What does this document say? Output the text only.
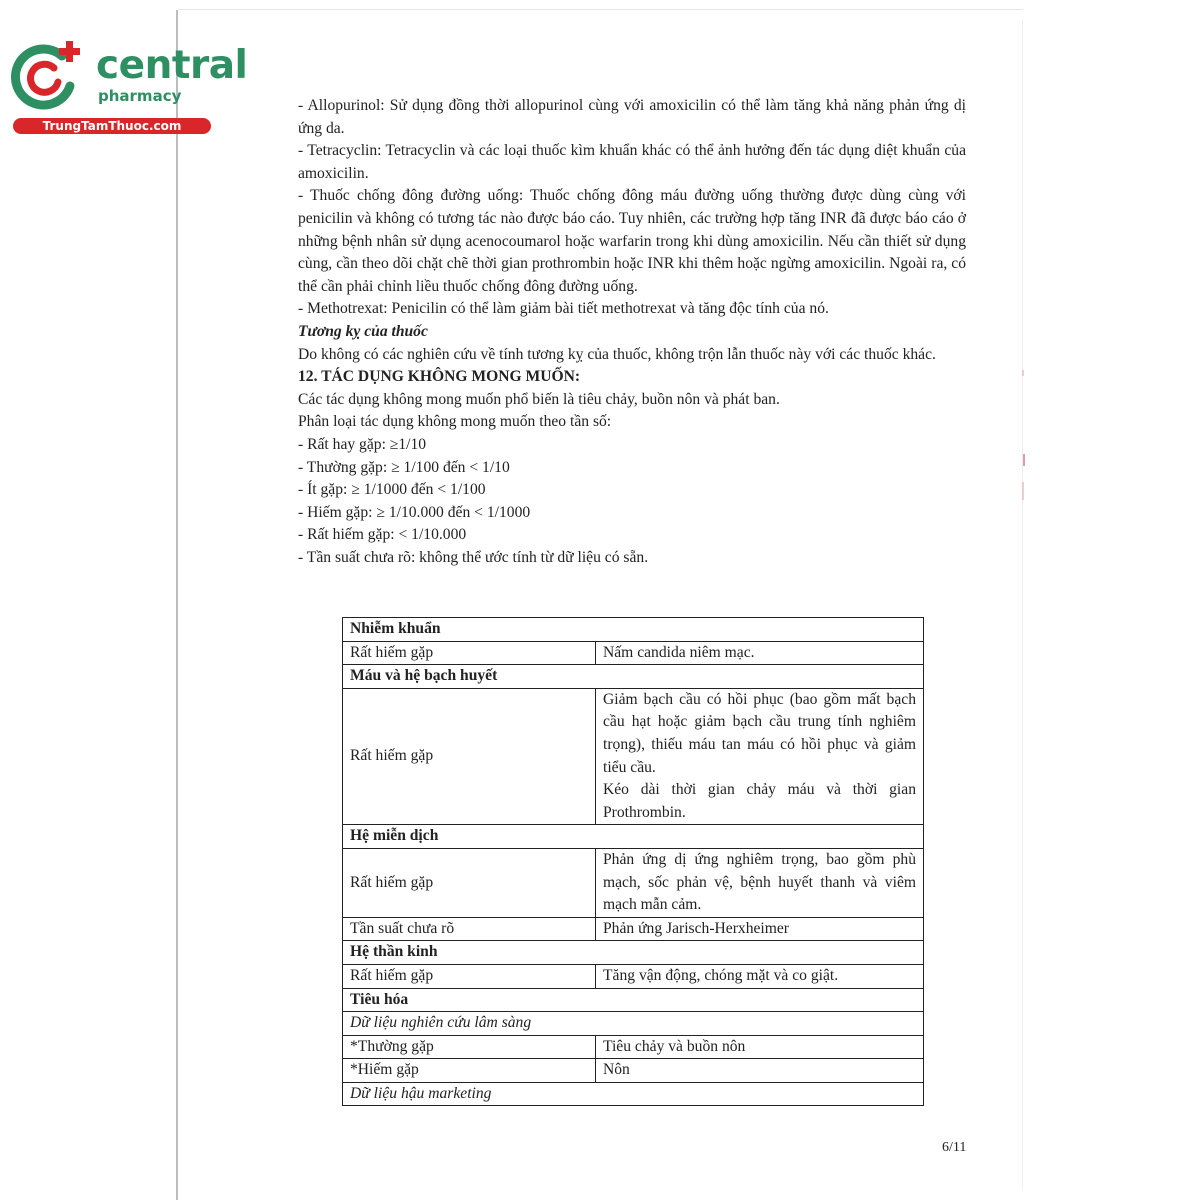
central
pharmacy
TrungTamThuoc.com

- Allopurinol: Sử dụng đồng thời allopurinol cùng với amoxicilin có thể làm tăng khả năng phản ứng dị ứng da.

- Tetracyclin: Tetracyclin và các loại thuốc kìm khuẩn khác có thể ảnh hưởng đến tác dụng diệt khuẩn của amoxicilin.

- Thuốc chống đông đường uống: Thuốc chống đông máu đường uống thường được dùng cùng với penicilin và không có tương tác nào được báo cáo. Tuy nhiên, các trường hợp tăng INR đã được báo cáo ở những bệnh nhân sử dụng acenocoumarol hoặc warfarin trong khi dùng amoxicilin. Nếu cần thiết sử dụng cùng, cần theo dõi chặt chẽ thời gian prothrombin hoặc INR khi thêm hoặc ngừng amoxicilin. Ngoài ra, có thể cần phải chỉnh liều thuốc chống đông đường uống.

- Methotrexat: Penicilin có thể làm giảm bài tiết methotrexat và tăng độc tính của nó.

Tương kỵ của thuốc

Do không có các nghiên cứu về tính tương kỵ của thuốc, không trộn lẫn thuốc này với các thuốc khác.

12. TÁC DỤNG KHÔNG MONG MUỐN:

Các tác dụng không mong muốn phổ biến là tiêu chảy, buồn nôn và phát ban.

Phân loại tác dụng không mong muốn theo tần số:

- Rất hay gặp: ≥1/10

- Thường gặp: ≥ 1/100 đến < 1/10

- Ít gặp: ≥ 1/1000 đến < 1/100

- Hiếm gặp: ≥ 1/10.000 đến < 1/1000

- Rất hiếm gặp: < 1/10.000

- Tần suất chưa rõ: không thể ước tính từ dữ liệu có sẵn.

Nhiễm khuẩn	
Rất hiếm gặp	Nấm candida niêm mạc.
Máu và hệ bạch huyết	
Rất hiếm gặp	Giảm bạch cầu có hồi phục (bao gồm mất bạch cầu hạt hoặc giảm bạch cầu trung tính nghiêm trọng), thiếu máu tan máu có hồi phục và giảm tiểu cầu.
Kéo dài thời gian chảy máu và thời gian Prothrombin.

Hệ miễn dịch	
Rất hiếm gặp	Phản ứng dị ứng nghiêm trọng, bao gồm phù mạch, sốc phản vệ, bệnh huyết thanh và viêm mạch mẫn cảm.
Tần suất chưa rõ	Phản ứng Jarisch-Herxheimer
Hệ thần kinh	
Rất hiếm gặp	Tăng vận động, chóng mặt và co giật.
Tiêu hóa	
Dữ liệu nghiên cứu lâm sàng	
*Thường gặp	Tiêu chảy và buồn nôn
*Hiếm gặp	Nôn
Dữ liệu hậu marketing	
6/11
